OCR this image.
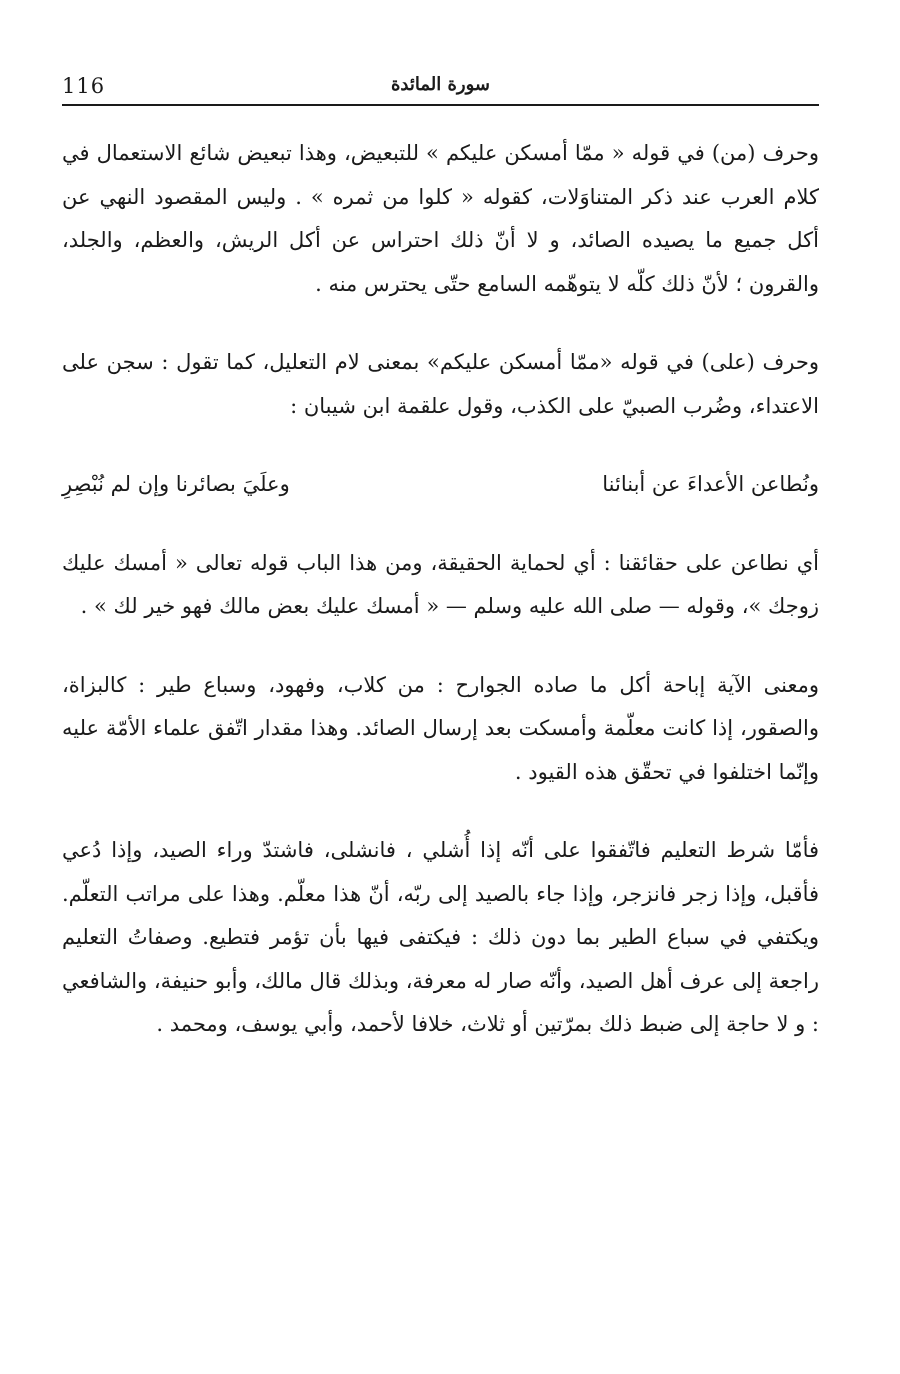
116	سورة المائدة

وحرف (من) في قوله « ممّا أمسكن عليكم » للتبعيض، وهذا تبعيض شائع الاستعمال في كلام العرب عند ذكر المتناوَلات، كقوله « كلوا من ثمره » . وليس المقصود النهي عن أكل جميع ما يصيده الصائد، و لا أنّ ذلك احتراس عن أكل الريش، والعظم، والجلد، والقرون ؛ لأنّ ذلك كلّه لا يتوهّمه السامع حتّى يحترس منه .

وحرف (على) في قوله «ممّا أمسكن عليكم» بمعنى لام التعليل، كما تقول : سجن على الاعتداء، وضُرب الصبيّ على الكذب، وقول علقمة ابن شيبان :

ونُطاعن الأعداءَ عن أبنائنا
وعلَيَ بصائرنا وإن لم نُبْصِرِ

أي نطاعن على حقائقنا : أي لحماية الحقيقة، ومن هذا الباب قوله تعالى « أمسك عليك زوجك »، وقوله — صلى الله عليه وسلم — « أمسك عليك بعض مالك فهو خير لك » .

ومعنى الآية إباحة أكل ما صاده الجوارح : من كلاب، وفهود، وسباع طير : كالبزاة، والصقور، إذا كانت معلّمة وأمسكت بعد إرسال الصائد. وهذا مقدار اتّفق علماء الأمّة عليه وإنّما اختلفوا في تحقّق هذه القيود .

فأمّا شرط التعليم فاتّفقوا على أنّه إذا أُشلي ، فانشلى، فاشتدّ وراء الصيد، وإذا دُعي فأقبل، وإذا زجر فانزجر، وإذا جاء بالصيد إلى ربّه، أنّ هذا معلّم. وهذا على مراتب التعلّم. ويكتفي في سباع الطير بما دون ذلك : فيكتفى فيها بأن تؤمر فتطيع. وصفاتُ التعليم راجعة إلى عرف أهل الصيد، وأنّه صار له معرفة، وبذلك قال مالك، وأبو حنيفة، والشافعي : و لا حاجة إلى ضبط ذلك بمرّتين أو ثلاث، خلافا لأحمد، وأبي يوسف، ومحمد .
